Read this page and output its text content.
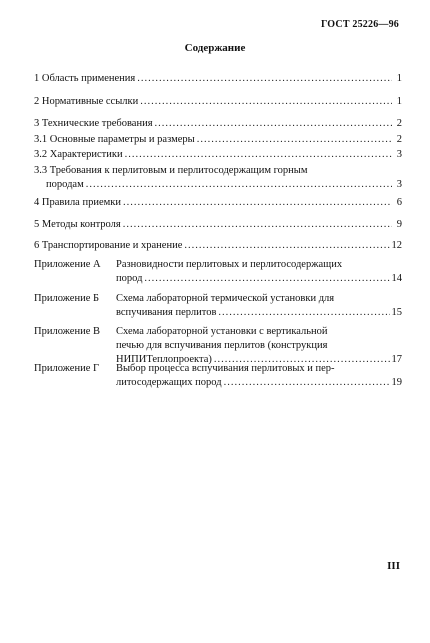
ГОСТ 25226—96
Содержание
1 Область применения .....	1
2 Нормативные ссылки .....	1
3 Технические требования .....	2
3.1 Основные параметры и размеры .....	2
3.2 Характеристики .....	3
3.3 Требования к перлитовым и перлитосодержащим горным
породам .....	3
4 Правила приемки .....	6
5 Методы контроля .....	9
6 Транспортирование и хранение .....	12
Приложение А	Разновидности перлитовых и перлитосодержащих
пород .....	14
Приложение Б	Схема лабораторной термической установки для
вспучивания перлитов .....	15
Приложение В	Схема лабораторной установки с вертикальной
печью для вспучивания перлитов (конструкция
НИПИТеплопроекта) .....	17
Приложение Г	Выбор процесса вспучивания перлитовых и пер-
литосодержащих пород .....	19
III
